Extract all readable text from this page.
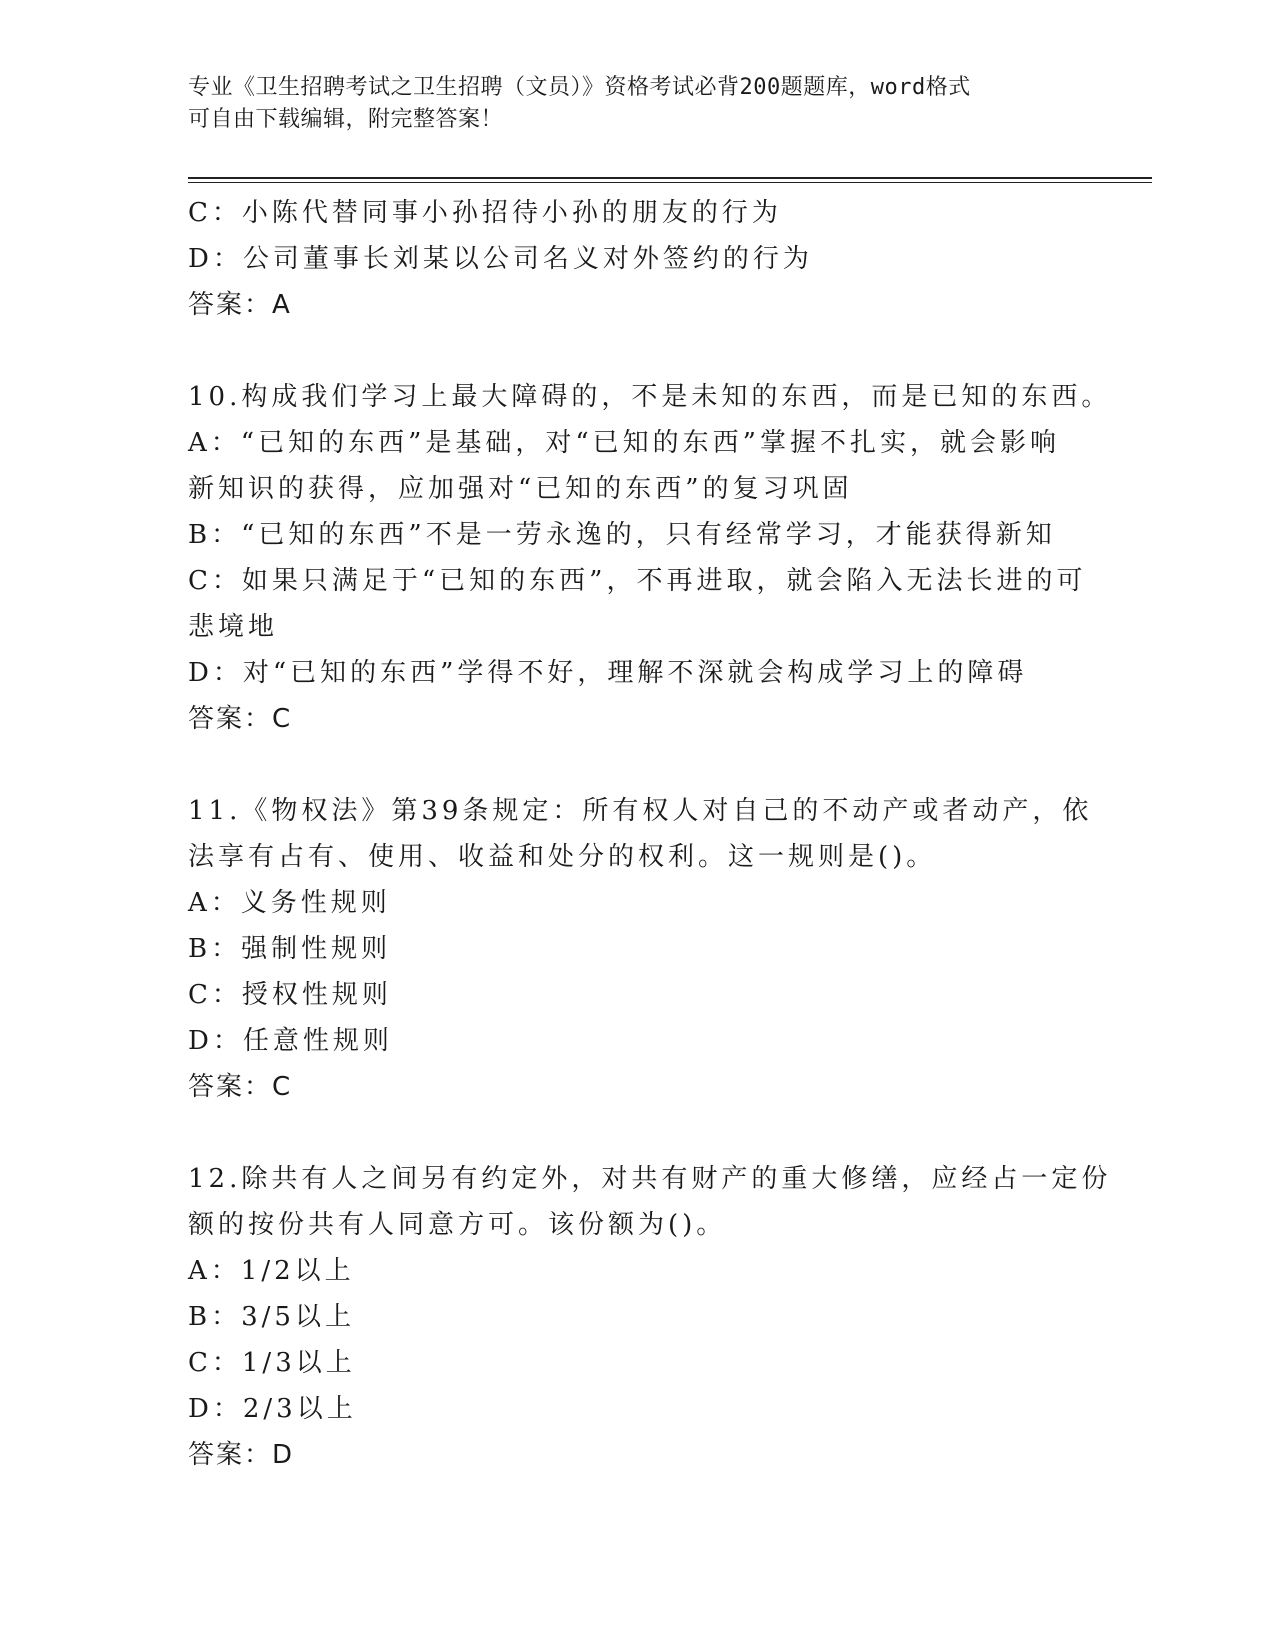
专业《卫生招聘考试之卫生招聘（文员）》资格考试必背200题题库，word格式
可自由下载编辑，附完整答案！
C：小陈代替同事小孙招待小孙的朋友的行为
D：公司董事长刘某以公司名义对外签约的行为
答案：A
10.构成我们学习上最大障碍的，不是未知的东西，而是已知的东西。
A：“已知的东西”是基础，对“已知的东西”掌握不扎实，就会影响
新知识的获得，应加强对“已知的东西”的复习巩固
B：“已知的东西”不是一劳永逸的，只有经常学习，才能获得新知
C：如果只满足于“已知的东西”，不再进取，就会陷入无法长进的可
悲境地
D：对“已知的东西”学得不好，理解不深就会构成学习上的障碍
答案：C
11.《物权法》第39条规定：所有权人对自己的不动产或者动产，依
法享有占有、使用、收益和处分的权利。这一规则是()。
A：义务性规则
B：强制性规则
C：授权性规则
D：任意性规则
答案：C
12.除共有人之间另有约定外，对共有财产的重大修缮，应经占一定份
额的按份共有人同意方可。该份额为()。
A：1/2以上
B：3/5以上
C：1/3以上
D：2/3以上
答案：D
